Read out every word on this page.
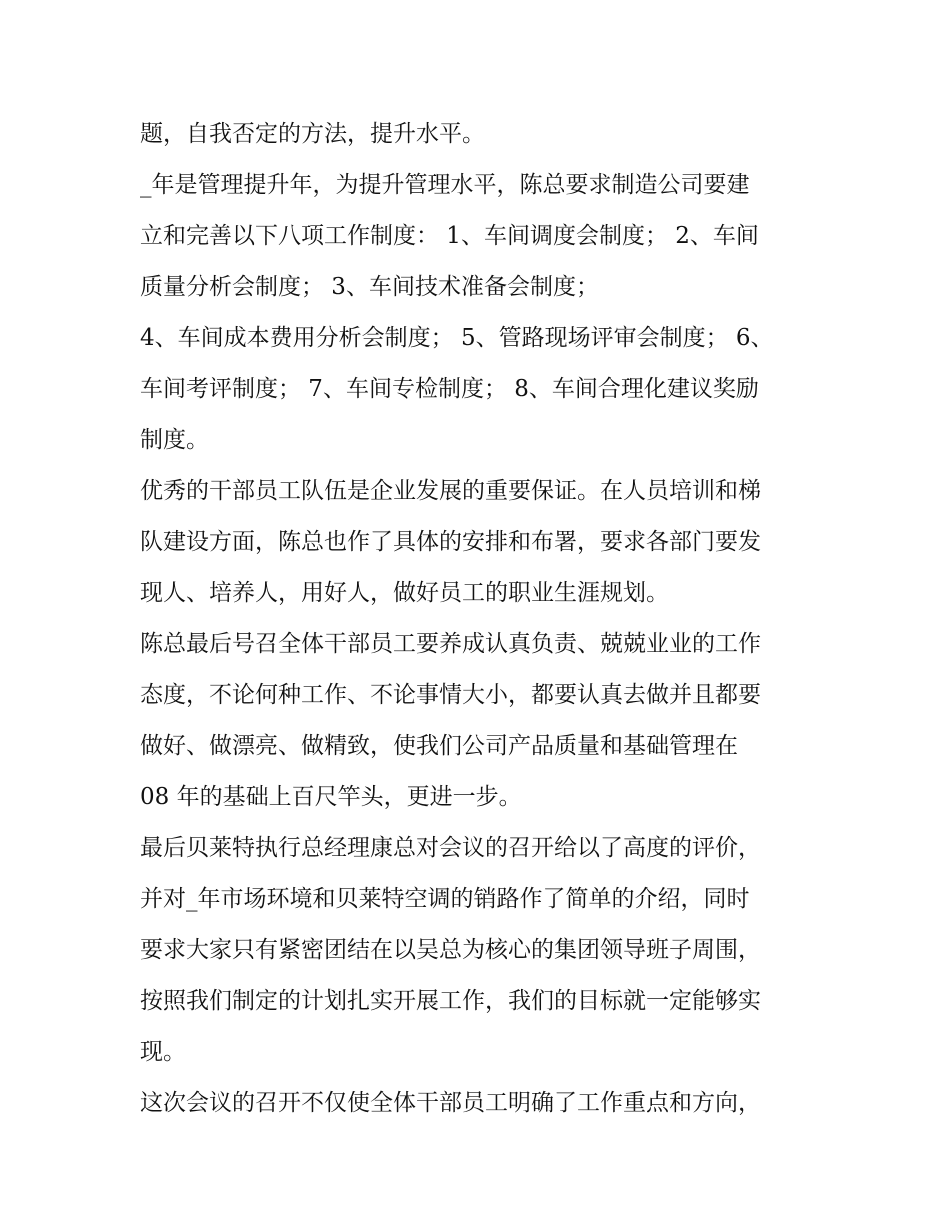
题，自我否定的方法，提升水平。
_年是管理提升年，为提升管理水平，陈总要求制造公司要建
立和完善以下八项工作制度： 1、车间调度会制度； 2、车间
质量分析会制度； 3、车间技术准备会制度；
4、车间成本费用分析会制度； 5、管路现场评审会制度； 6、
车间考评制度； 7、车间专检制度； 8、车间合理化建议奖励
制度。
优秀的干部员工队伍是企业发展的重要保证。在人员培训和梯
队建设方面，陈总也作了具体的安排和布署，要求各部门要发
现人、培养人，用好人，做好员工的职业生涯规划。
陈总最后号召全体干部员工要养成认真负责、兢兢业业的工作
态度，不论何种工作、不论事情大小，都要认真去做并且都要
做好、做漂亮、做精致，使我们公司产品质量和基础管理在
08 年的基础上百尺竿头，更进一步。
最后贝莱特执行总经理康总对会议的召开给以了高度的评价，
并对_年市场环境和贝莱特空调的销路作了简单的介绍，同时
要求大家只有紧密团结在以吴总为核心的集团领导班子周围，
按照我们制定的计划扎实开展工作，我们的目标就一定能够实
现。
这次会议的召开不仅使全体干部员工明确了工作重点和方向，
